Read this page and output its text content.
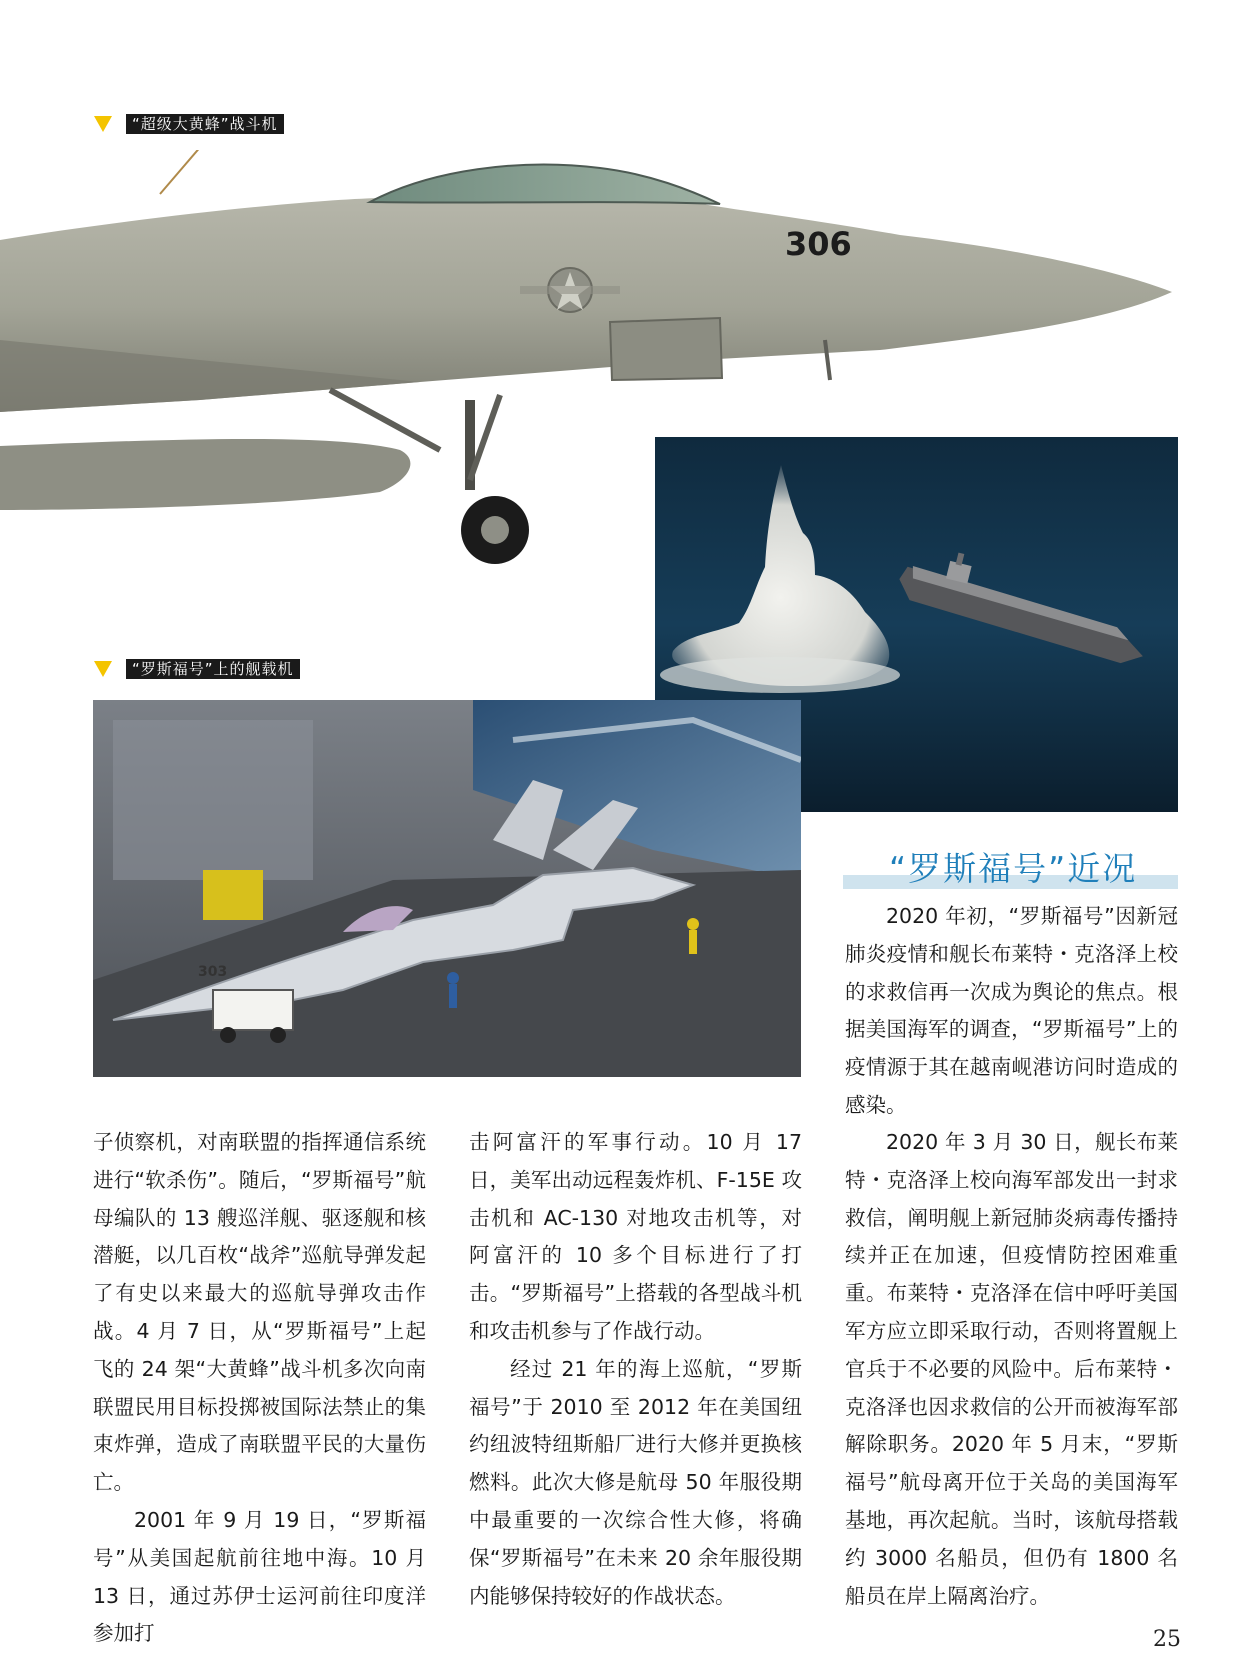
“超级大黄蜂”战斗机
306
“罗斯福号”上的舰载机
303
“罗斯福号”近况

2020 年初，“罗斯福号”因新冠肺炎疫情和舰长布莱特・克洛泽上校的求救信再一次成为舆论的焦点。根据美国海军的调查，“罗斯福号”上的疫情源于其在越南岘港访问时造成的感染。

子侦察机，对南联盟的指挥通信系统进行“软杀伤”。随后，“罗斯福号”航母编队的 13 艘巡洋舰、驱逐舰和核潜艇，以几百枚“战斧”巡航导弹发起了有史以来最大的巡航导弹攻击作战。4 月 7 日，从“罗斯福号”上起飞的 24 架“大黄蜂”战斗机多次向南联盟民用目标投掷被国际法禁止的集束炸弹，造成了南联盟平民的大量伤亡。

2001 年 9 月 19 日，“罗斯福号”从美国起航前往地中海。10 月 13 日，通过苏伊士运河前往印度洋参加打

击阿富汗的军事行动。10 月 17 日，美军出动远程轰炸机、F-15E 攻击机和 AC-130 对地攻击机等，对阿富汗的 10 多个目标进行了打击。“罗斯福号”上搭载的各型战斗机和攻击机参与了作战行动。

经过 21 年的海上巡航，“罗斯福号”于 2010 至 2012 年在美国纽约纽波特纽斯船厂进行大修并更换核燃料。此次大修是航母 50 年服役期中最重要的一次综合性大修，将确保“罗斯福号”在未来 20 余年服役期内能够保持较好的作战状态。

2020 年 3 月 30 日，舰长布莱特・克洛泽上校向海军部发出一封求救信，阐明舰上新冠肺炎病毒传播持续并正在加速，但疫情防控困难重重。布莱特・克洛泽在信中呼吁美国军方应立即采取行动，否则将置舰上官兵于不必要的风险中。后布莱特・克洛泽也因求救信的公开而被海军部解除职务。2020 年 5 月末，“罗斯福号”航母离开位于关岛的美国海军基地，再次起航。当时，该航母搭载约 3000 名船员，但仍有 1800 名船员在岸上隔离治疗。

25
